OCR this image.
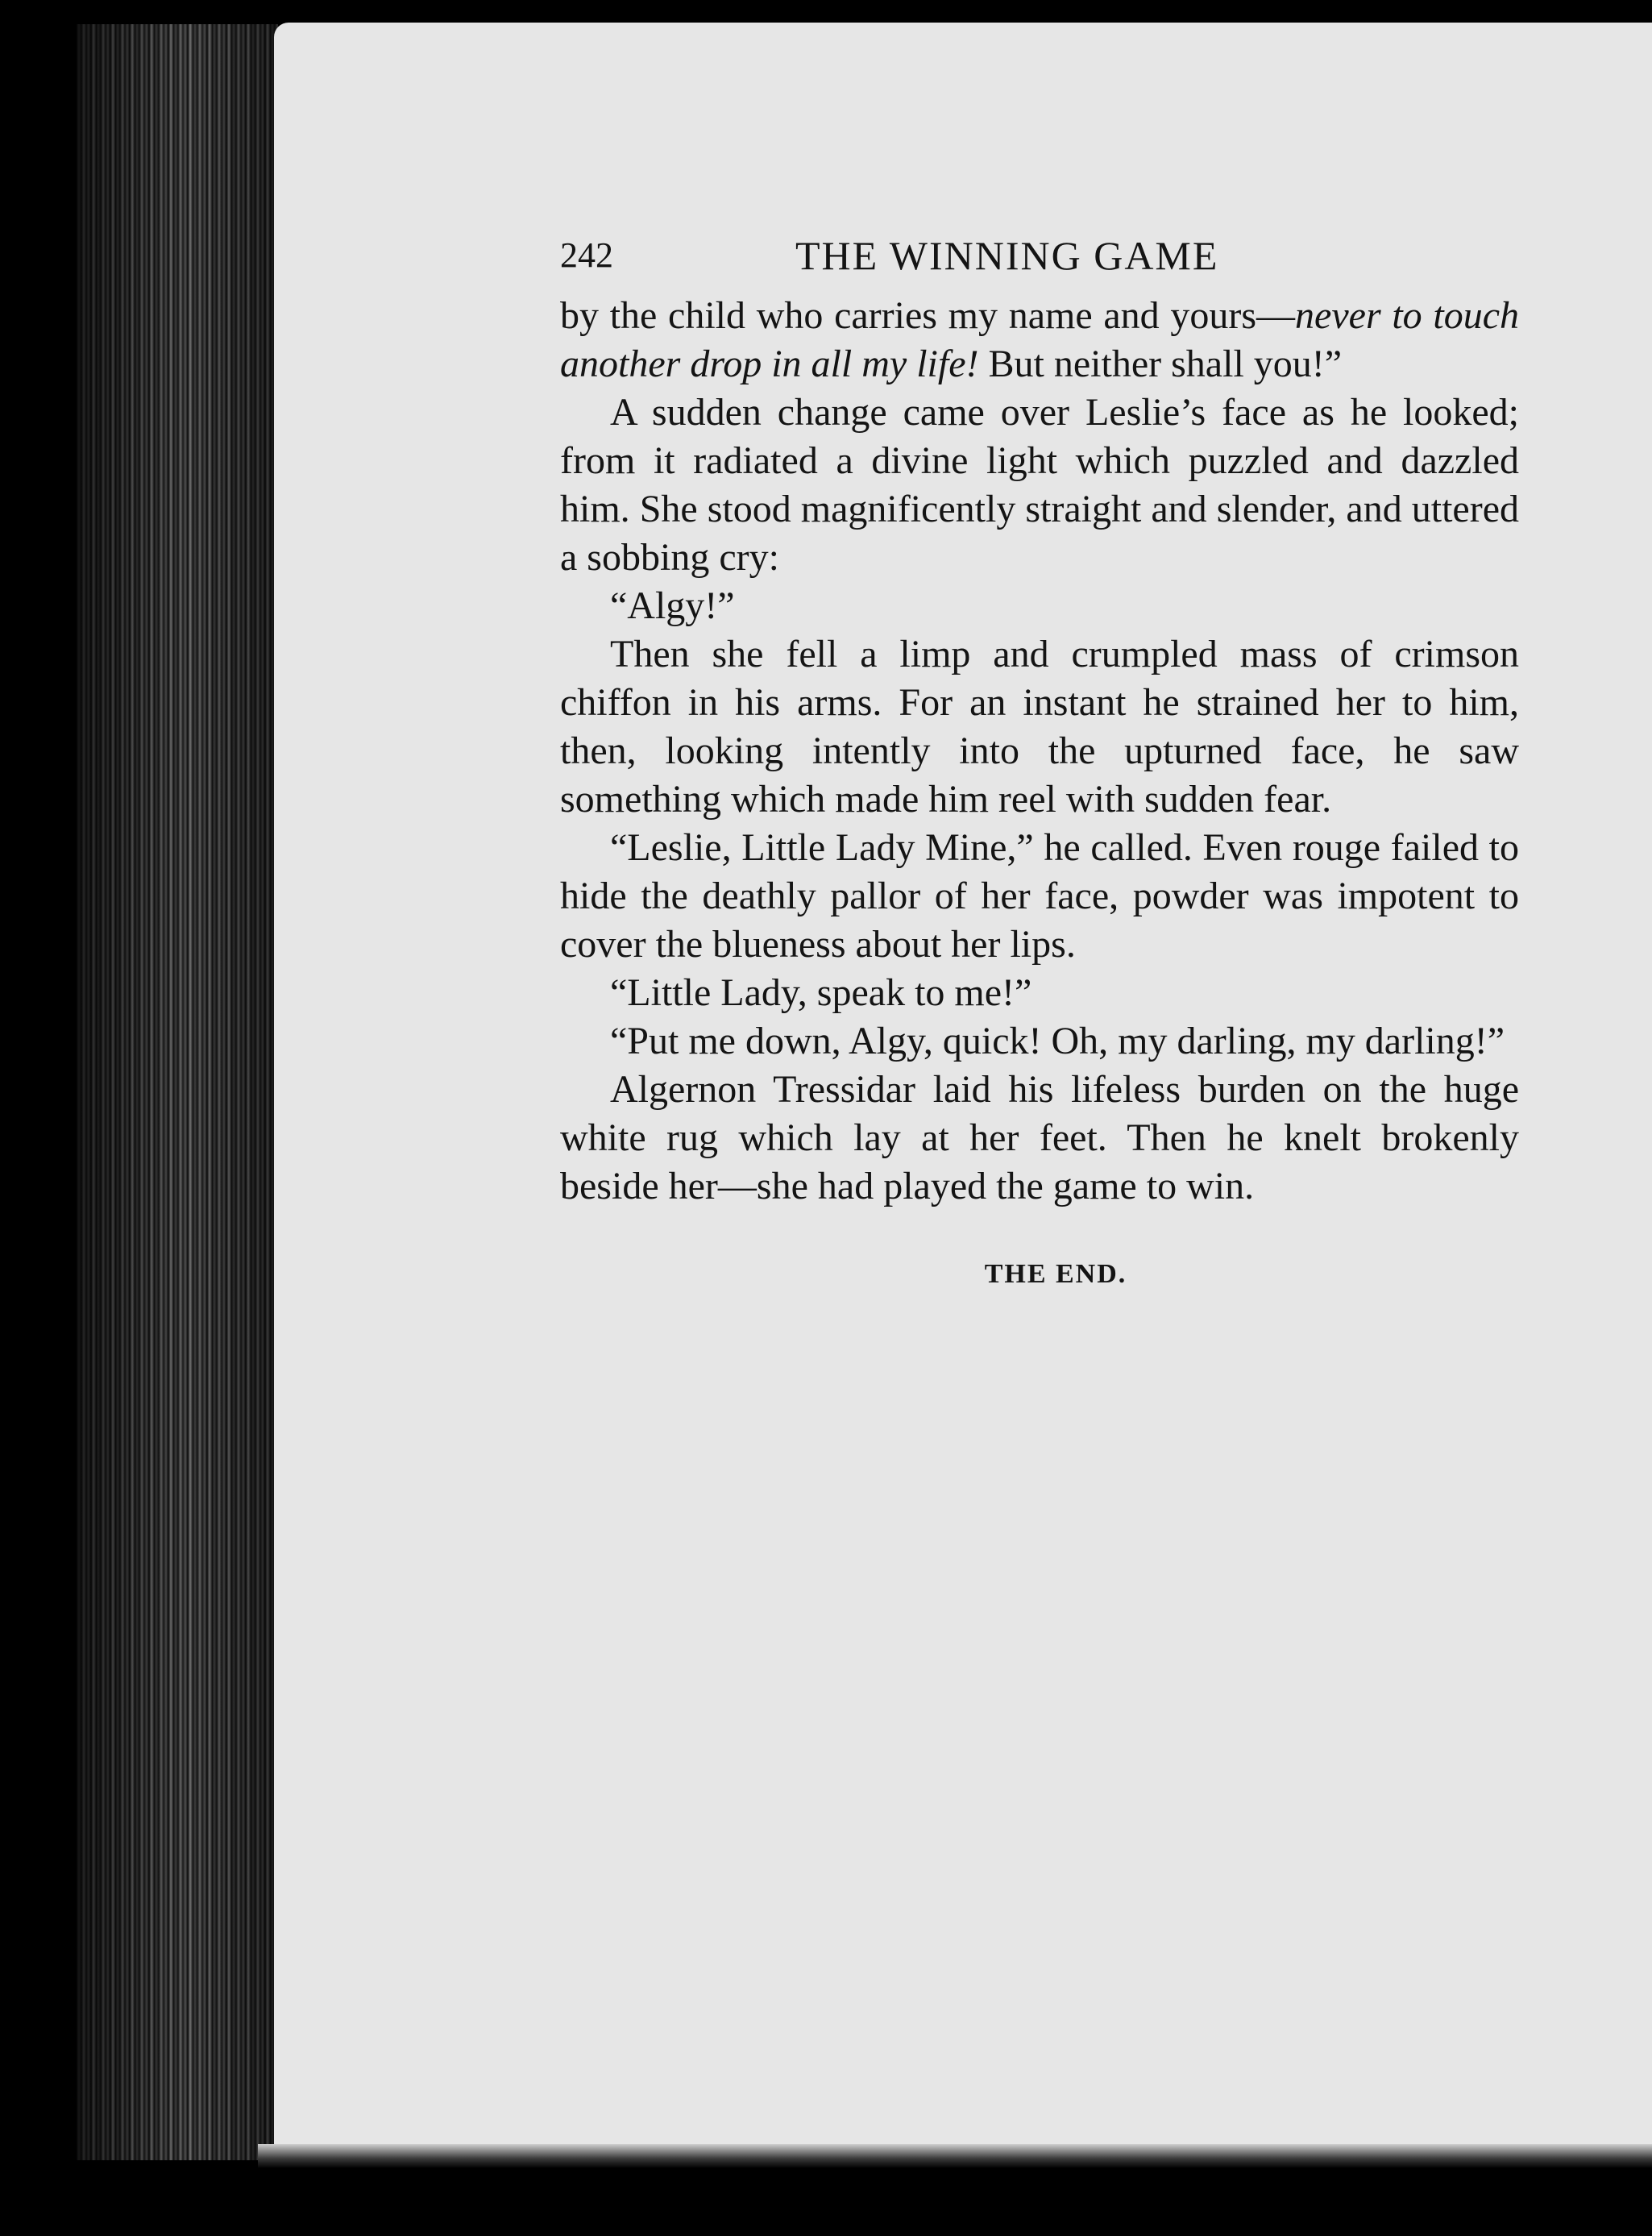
242	THE WINNING GAME

by the child who carries my name and yours—never to touch another drop in all my life! But neither shall you!”

A sudden change came over Leslie’s face as he looked; from it radiated a divine light which puzzled and dazzled him. She stood magnificently straight and slender, and uttered a sobbing cry:

“Algy!”

Then she fell a limp and crumpled mass of crimson chiffon in his arms. For an instant he strained her to him, then, looking intently into the upturned face, he saw something which made him reel with sudden fear.

“Leslie, Little Lady Mine,” he called. Even rouge failed to hide the deathly pallor of her face, powder was impotent to cover the blueness about her lips.

“Little Lady, speak to me!”

“Put me down, Algy, quick! Oh, my darling, my darling!”

Algernon Tressidar laid his lifeless burden on the huge white rug which lay at her feet. Then he knelt brokenly beside her—she had played the game to win.

THE END.
